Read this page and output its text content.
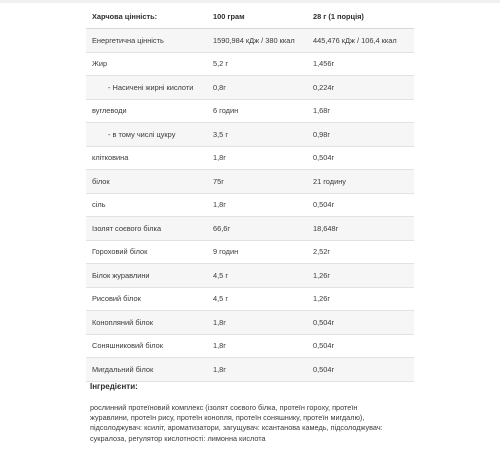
Харчова цінність:	100 грам	28 г (1 порція)
Енергетична цінність	1590,984 кДж / 380 ккал	445,476 кДж / 106,4 ккал
Жир	5,2 г	1,456г
- Насичені жирні кислоти	0,8г	0,224г
вуглеводи	6 годин	1,68г
- в тому числі цукру	3,5 г	0,98г
клітковина	1,8г	0,504г
білок	75г	21 годину
сіль	1,8г	0,504г
Ізолят соєвого білка	66,6г	18,648г
Гороховий білок	9 годин	2,52г
Білок журавлини	4,5 г	1,26г
Рисовий білок	4,5 г	1,26г
Конопляний білок	1,8г	0,504г
Соняшниковий білок	1,8г	0,504г
Мигдальний білок	1,8г	0,504г
Інгредієнти:
рослинний протеїновий комплекс (ізолят соєвого білка, протеїн гороху, протеїн
журавлини, протеїн рису, протеїн конопля, протеїн соняшнику, протеїн мигдалю),
підсолоджувач: ксиліт, ароматизатори, загущувач: ксантанова камедь, підсолоджувач:
сукралоза, регулятор кислотності: лимонна кислота
